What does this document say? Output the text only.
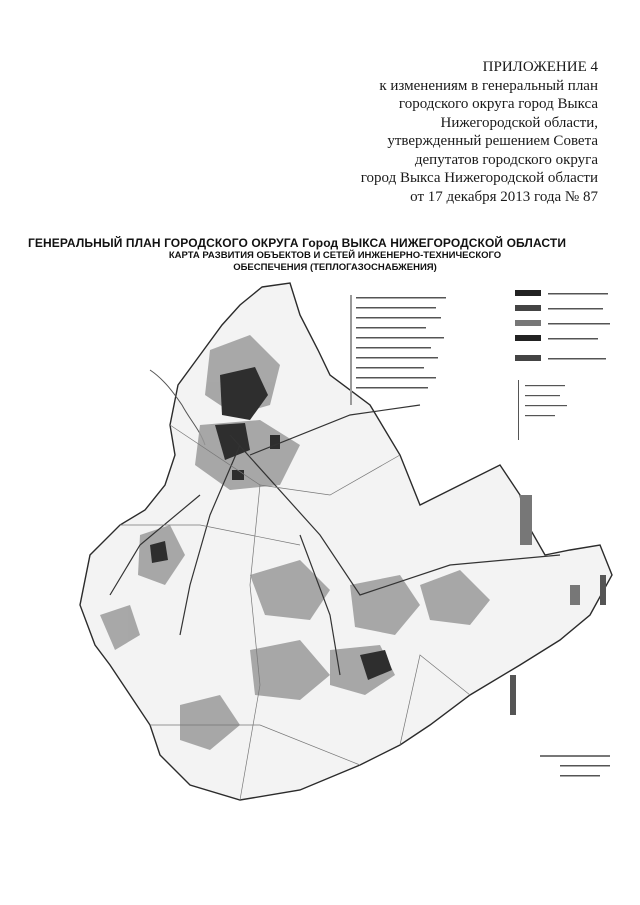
ПРИЛОЖЕНИЕ 4
к изменениям в генеральный план
городского округа город Выкса
Нижегородской области,
утвержденный решением Совета
депутатов городского округа
город Выкса Нижегородской области
от 17 декабря 2013 года № 87
ГЕНЕРАЛЬНЫЙ ПЛАН ГОРОДСКОГО ОКРУГА Город ВЫКСА НИЖЕГОРОДСКОЙ ОБЛАСТИ
КАРТА РАЗВИТИЯ ОБЪЕКТОВ И СЕТЕЙ ИНЖЕНЕРНО-ТЕХНИЧЕСКОГО
ОБЕСПЕЧЕНИЯ (ТЕПЛОГАЗОСНАБЖЕНИЯ)
